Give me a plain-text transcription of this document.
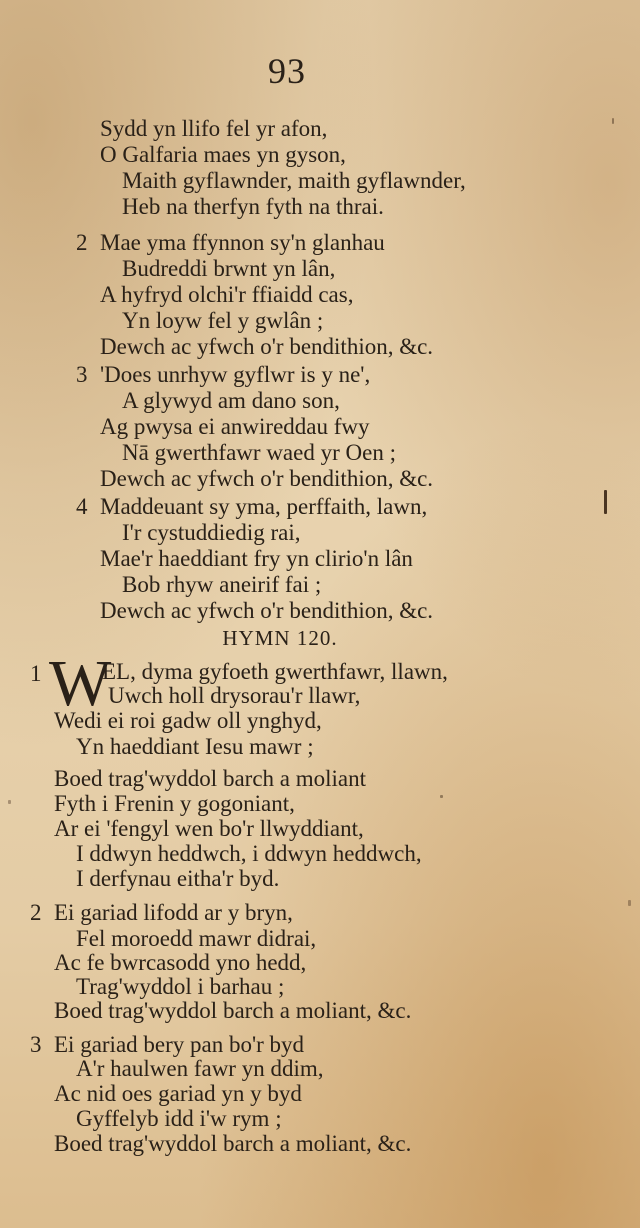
93
Sydd yn llifo fel yr afon,
O Galfaria maes yn gyson,
Maith gyflawnder, maith gyflawnder,
Heb na therfyn fyth na thrai.
2 Mae yma ffynnon sy'n glanhau
Budreddi brwnt yn lân,
A hyfryd olchi'r ffiaidd cas,
Yn loyw fel y gwlân ;
Dewch ac yfwch o'r bendithion, &c.
3 'Does unrhyw gyflwr is y ne',
A glywyd am dano son,
Ag pwysa ei anwireddau fwy
Nā gwerthfawr waed yr Oen ;
Dewch ac yfwch o'r bendithion, &c.
4 Maddeuant sy yma, perffaith, lawn,
I'r cystuddiedig rai,
Mae'r haeddiant fry yn clirio'n lân
Bob rhyw aneirif fai ;
Dewch ac yfwch o'r bendithion, &c.
HYMN 120.
1 W
EL, dyma gyfoeth gwerthfawr, llawn,
Uwch holl drysorau'r llawr,
Wedi ei roi gadw oll ynghyd,
Yn haeddiant Iesu mawr ;
Boed trag'wyddol barch a moliant
Fyth i Frenin y gogoniant,
Ar ei 'fengyl wen bo'r llwyddiant,
I ddwyn heddwch, i ddwyn heddwch,
I derfynau eitha'r byd.
2 Ei gariad lifodd ar y bryn,
Fel moroedd mawr didrai,
Ac fe bwrcasodd yno hedd,
Trag'wyddol i barhau ;
Boed trag'wyddol barch a moliant, &c.
3 Ei gariad bery pan bo'r byd
A'r haulwen fawr yn ddim,
Ac nid oes gariad yn y byd
Gyffelyb idd i'w rym ;
Boed trag'wyddol barch a moliant, &c.
